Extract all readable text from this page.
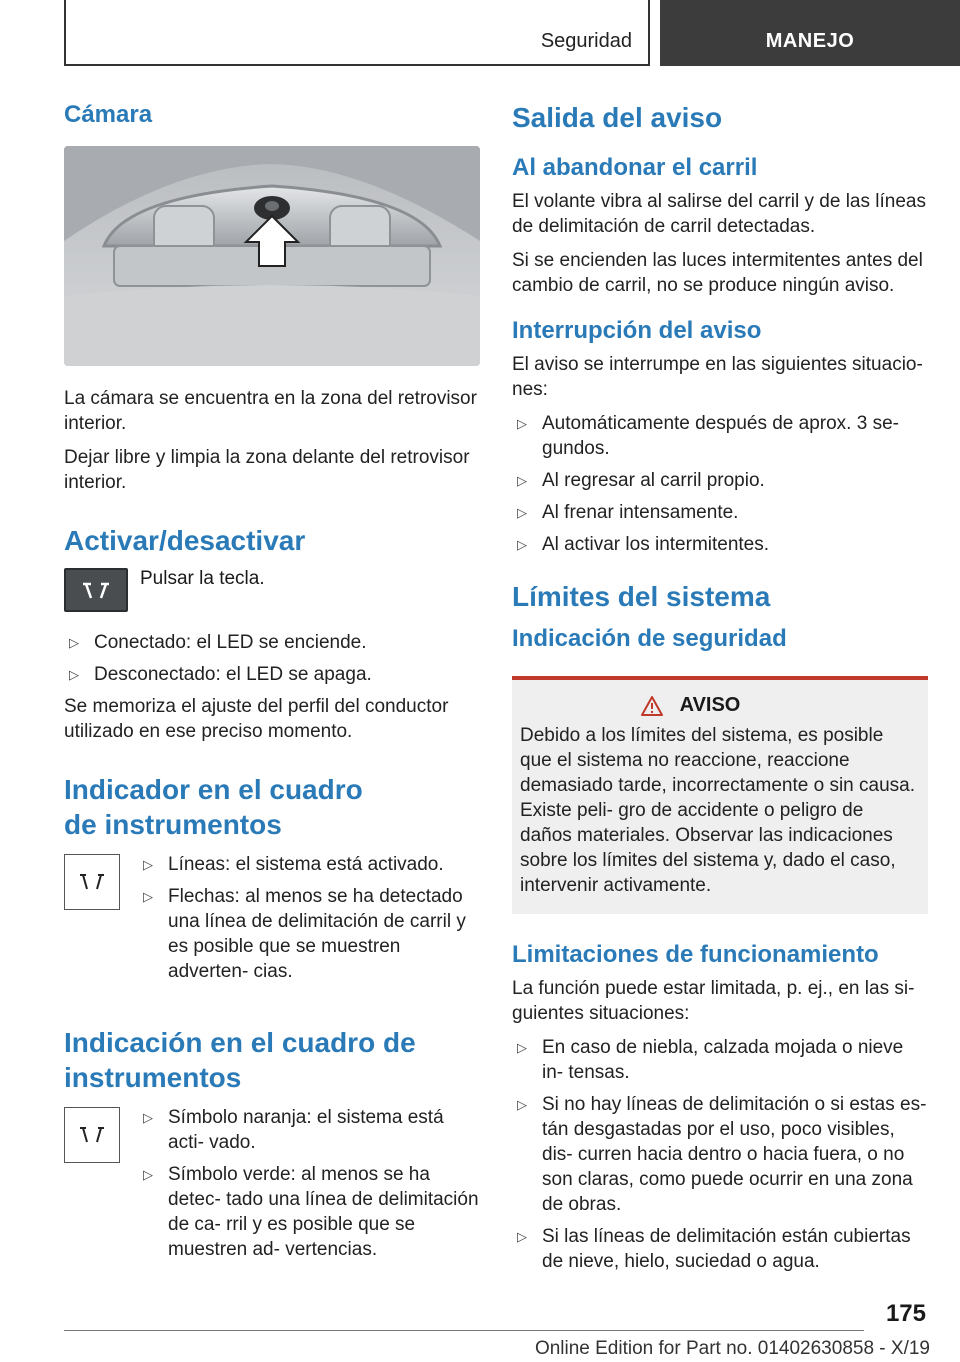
Seguridad	MANEJO
Cámara

La cámara se encuentra en la zona del retrovisor interior.

Dejar libre y limpia la zona delante del retrovisor interior.

Activar/desactivar
Pulsar la tecla.
▷ Conectado: el LED se enciende.
▷ Desconectado: el LED se apaga.

Se memoriza el ajuste del perfil del conductor utilizado en ese preciso momento.

Indicador en el cuadro
de instrumentos
▷ Líneas: el sistema está activado.
▷ Flechas: al menos se ha detectado una línea de delimitación de carril y es posible que se muestren adverten‐ cias.
Indicación en el cuadro de
instrumentos
▷ Símbolo naranja: el sistema está acti‐ vado.
▷ Símbolo verde: al menos se ha detec‐ tado una línea de delimitación de ca‐ rril y es posible que se muestren ad‐ vertencias.
Salida del aviso
Al abandonar el carril

El volante vibra al salirse del carril y de las líneas de delimitación de carril detectadas.

Si se encienden las luces intermitentes antes del cambio de carril, no se produce ningún aviso.

Interrupción del aviso

El aviso se interrumpe en las siguientes situacio‐ nes:

▷ Automáticamente después de aprox. 3 se‐ gundos.
▷ Al regresar al carril propio.
▷ Al frenar intensamente.
▷ Al activar los intermitentes.
Límites del sistema
Indicación de seguridad
AVISO

Debido a los límites del sistema, es posible que el sistema no reaccione, reaccione demasiado tarde, incorrectamente o sin causa. Existe peli‐ gro de accidente o peligro de daños materiales. Observar las indicaciones sobre los límites del sistema y, dado el caso, intervenir activamente.

Limitaciones de funcionamiento

La función puede estar limitada, p. ej., en las si‐ guientes situaciones:

▷ En caso de niebla, calzada mojada o nieve in‐ tensas.
▷ Si no hay líneas de delimitación o si estas es‐ tán desgastadas por el uso, poco visibles, dis‐ curren hacia dentro o hacia fuera, o no son claras, como puede ocurrir en una zona de obras.
▷ Si las líneas de delimitación están cubiertas de nieve, hielo, suciedad o agua.
175
Online Edition for Part no. 01402630858 - X/19
